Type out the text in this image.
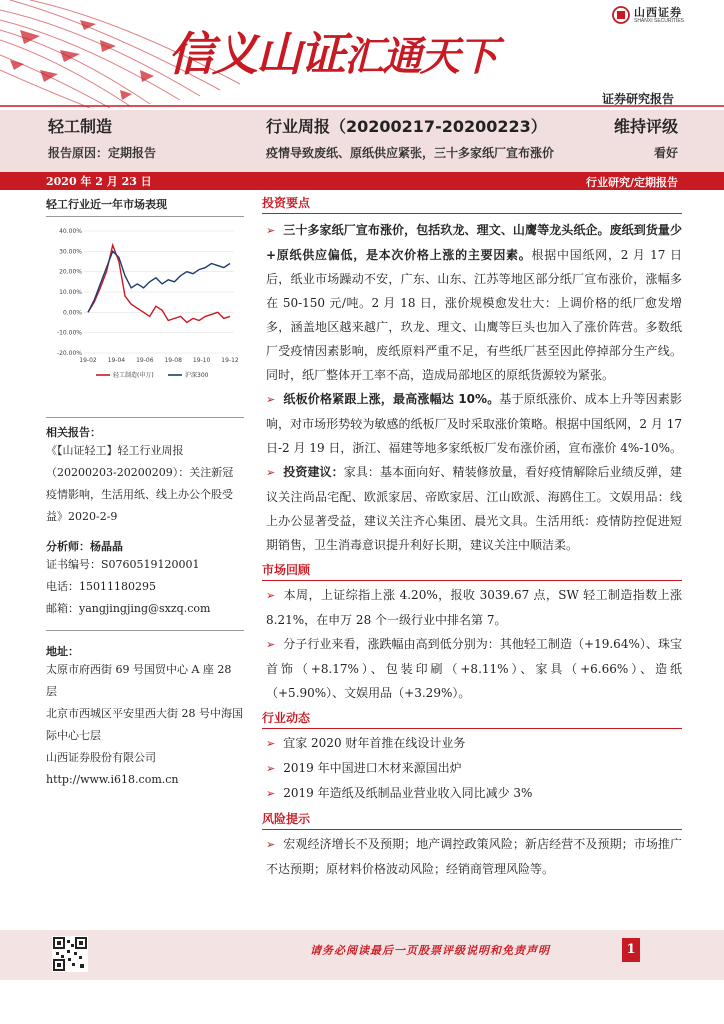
信义山证汇通天下
山西证券
SHANXI SECURITIES
证券研究报告
轻工制造	行业周报（20200217-20200223）	维持评级
报告原因：定期报告	疫情导致废纸、原纸供应紧张，三十多家纸厂宣布涨价	看好
2020 年 2 月 23 日	行业研究/定期报告
轻工行业近一年市场表现
40.00%
30.00%
20.00%
10.00%
0.00%
-10.00%
-20.00%
19-02 19-04 19-06 19-08 19-10 19-12
轻工制造(申万)	沪深300
相关报告：
《【山证轻工】轻工行业周报（20200203-20200209）：关注新冠疫情影响，生活用纸、线上办公个股受益》2020-2-9
分析师：杨晶晶
证书编号：S0760519120001
电话：15011180295
邮箱：yangjingjing@sxzq.com
地址：
太原市府西街 69 号国贸中心 A 座 28 层
北京市西城区平安里西大街 28 号中海国际中心七层
山西证券股份有限公司
http://www.i618.com.cn
投资要点
➢ 三十多家纸厂宣布涨价，包括玖龙、理文、山鹰等龙头纸企。废纸到货量少+原纸供应偏低，是本次价格上涨的主要因素。根据中国纸网，2 月 17 日后，纸业市场躁动不安，广东、山东、江苏等地区部分纸厂宣布涨价，涨幅多在 50-150 元/吨。2 月 18 日，涨价规模愈发壮大：上调价格的纸厂愈发增多，涵盖地区越来越广，玖龙、理文、山鹰等巨头也加入了涨价阵营。多数纸厂受疫情因素影响，废纸原料严重不足，有些纸厂甚至因此停掉部分生产线。同时，纸厂整体开工率不高，造成局部地区的原纸货源较为紧张。
➢ 纸板价格紧跟上涨，最高涨幅达 10%。基于原纸涨价、成本上升等因素影响，对市场形势较为敏感的纸板厂及时采取涨价策略。根据中国纸网，2 月 17 日-2 月 19 日，浙江、福建等地多家纸板厂发布涨价函，宣布涨价 4%-10%。
➢ 投资建议：家具：基本面向好、精装修放量，看好疫情解除后业绩反弹，建议关注尚品宅配、欧派家居、帝欧家居、江山欧派、海鸥住工。文娱用品：线上办公显著受益，建议关注齐心集团、晨光文具。生活用纸：疫情防控促进短期销售，卫生消毒意识提升利好长期，建议关注中顺洁柔。
市场回顾
➢ 本周，上证综指上涨 4.20%，报收 3039.67 点，SW 轻工制造指数上涨 8.21%，在申万 28 个一级行业中排名第 7。
➢ 分子行业来看，涨跌幅由高到低分别为：其他轻工制造（+19.64%）、珠宝首饰（+8.17%）、包装印刷（+8.11%）、家具（+6.66%）、造纸（+5.90%）、文娱用品（+3.29%）。
行业动态
➢ 宜家 2020 财年首推在线设计业务
➢ 2019 年中国进口木材来源国出炉
➢ 2019 年造纸及纸制品业营业收入同比减少 3%
风险提示
➢ 宏观经济增长不及预期；地产调控政策风险；新店经营不及预期；市场推广不达预期；原材料价格波动风险；经销商管理风险等。
请务必阅读最后一页股票评级说明和免责声明	1
